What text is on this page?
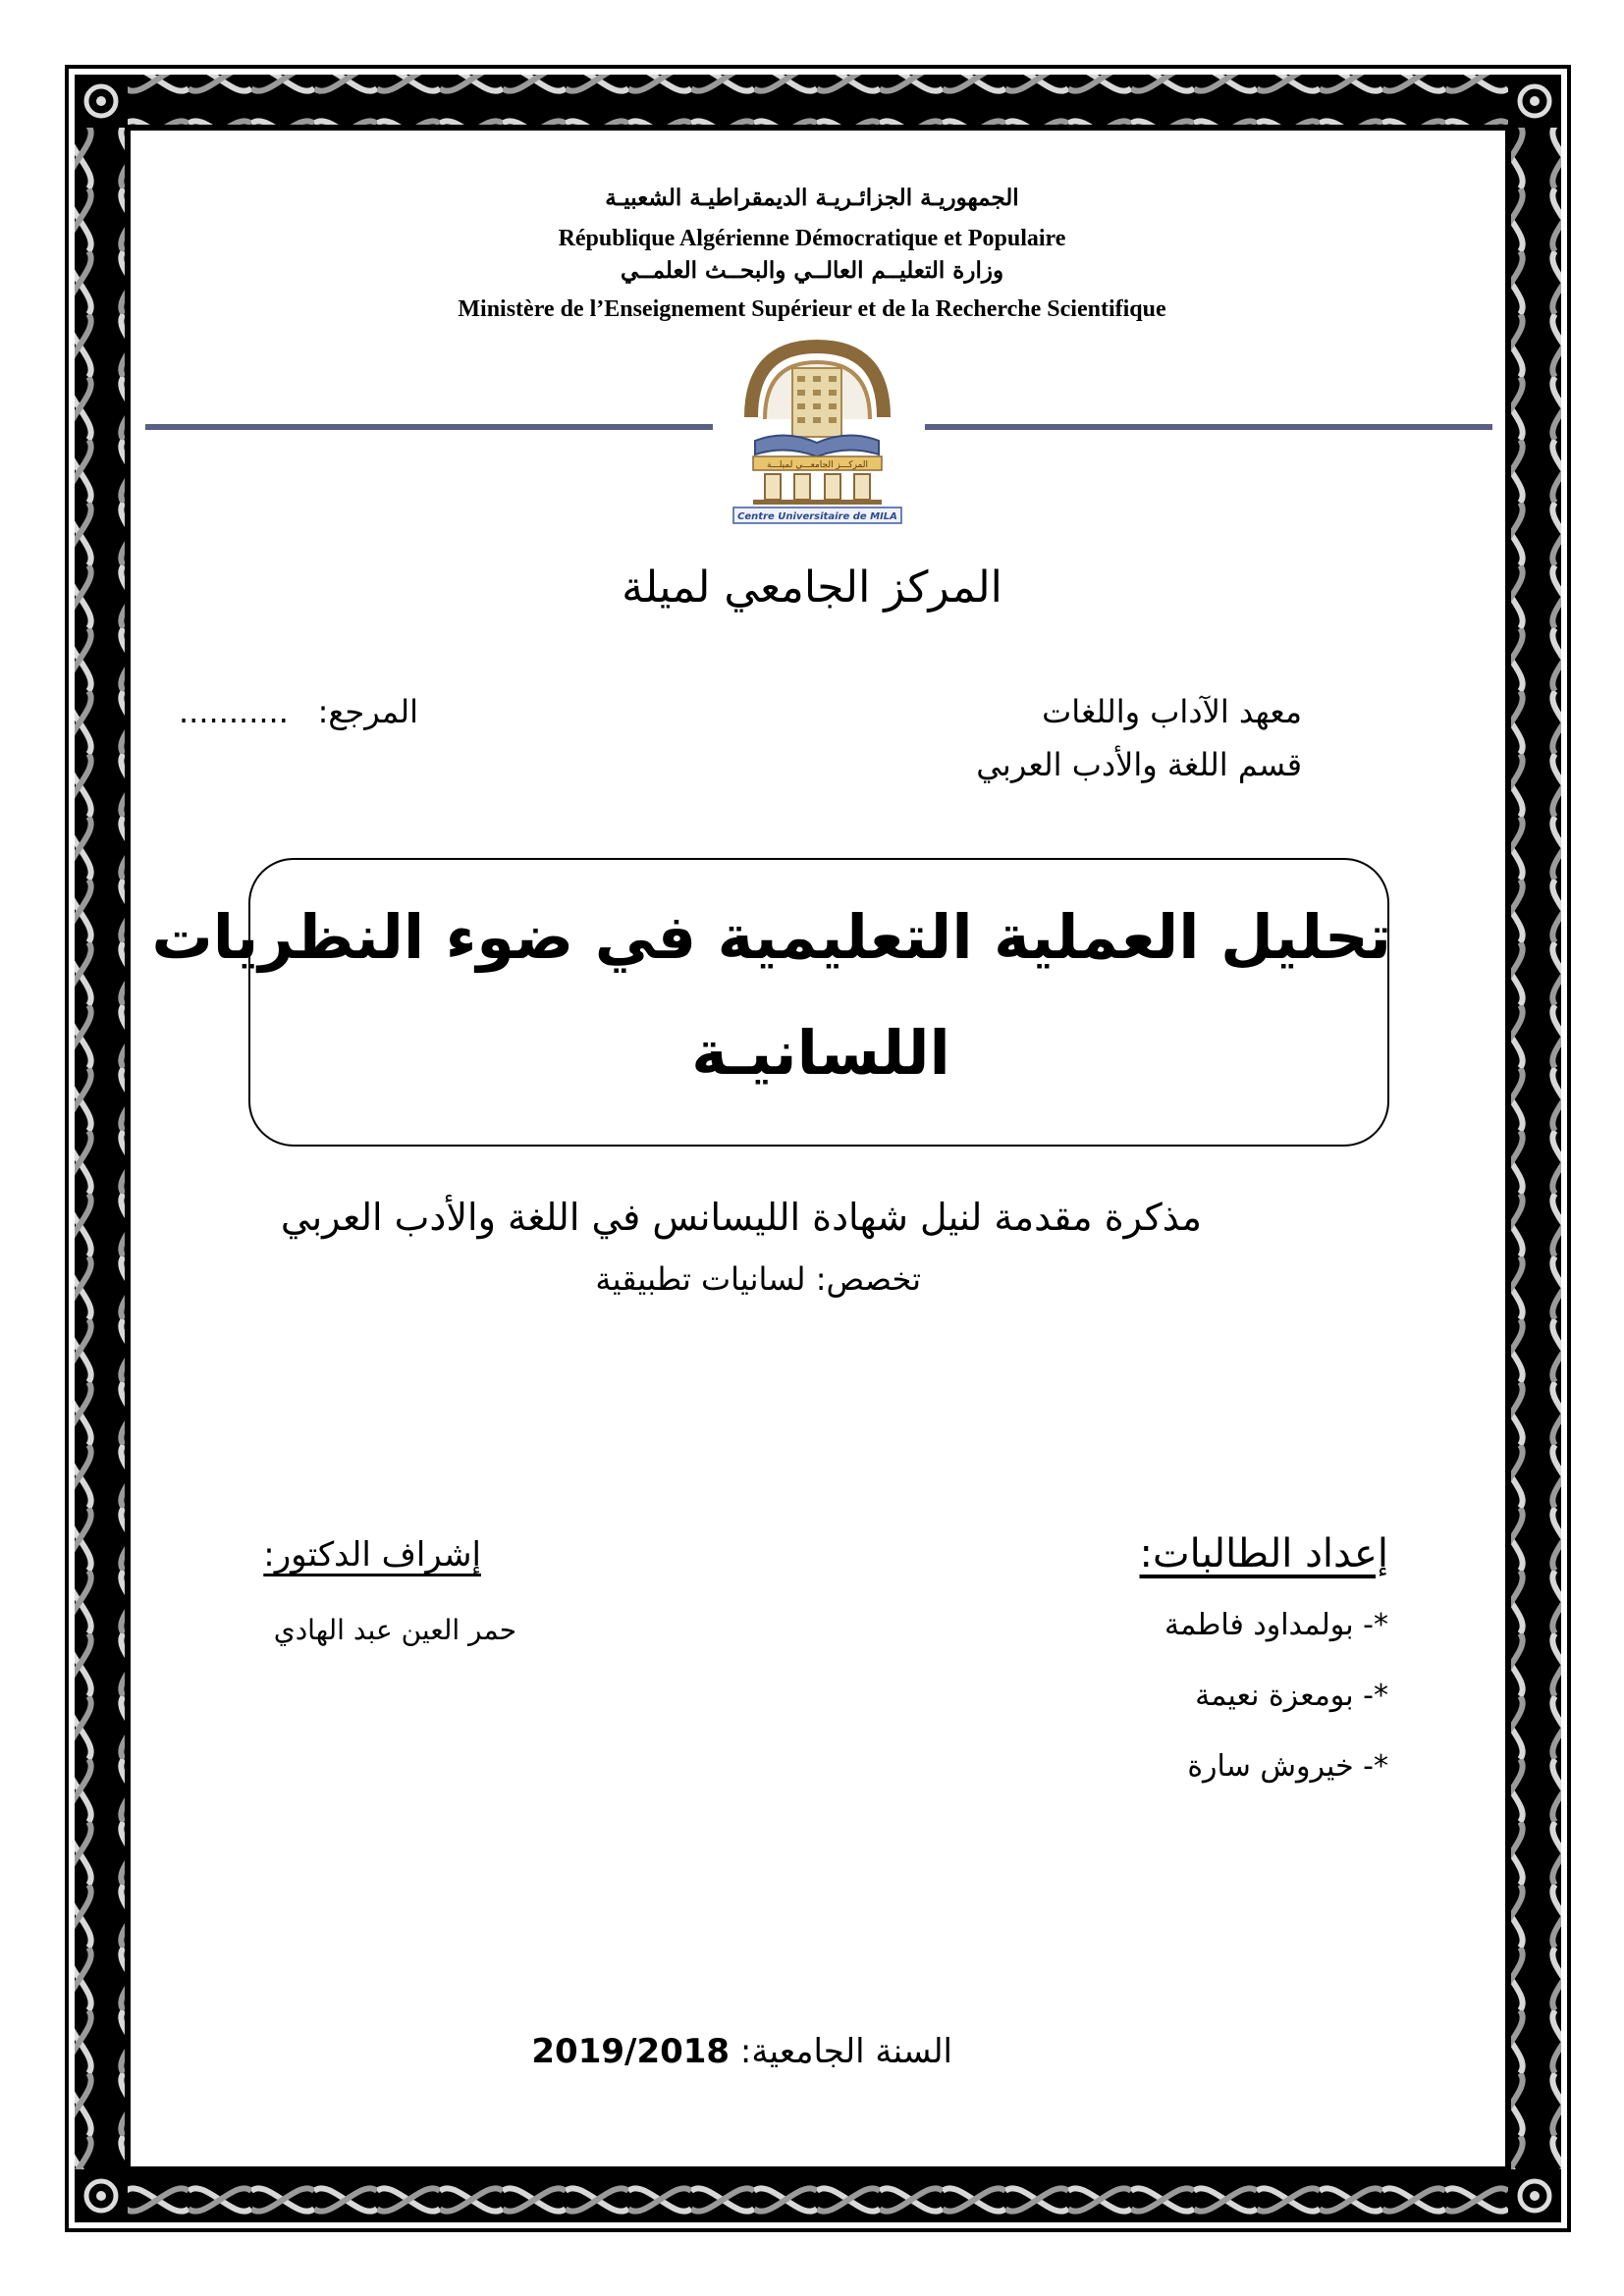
الجمهوريـة الجزائـريـة الديمقراطيـة الشعبيـة
République Algérienne Démocratique et Populaire
وزارة التعليــم العالــي والبحــث العلمــي
Ministère de l’Enseignement Supérieur et de la Recherche Scientifique
المركـــز الجامعـــي لميلـــة
Centre Universitaire de MILA
المركز الجامعي لميلة
معهد الآداب واللغات
قسم اللغة والأدب العربي
المرجع:
...........
تحليل العملية التعليمية في ضوء النظريات
اللسانيـة
مذكرة مقدمة لنيل شهادة الليسانس في اللغة والأدب العربي
تخصص: لسانيات تطبيقية
إعداد الطالبات:
*- بولمداود فاطمة
*- بومعزة نعيمة
*- خيروش سارة
إشراف الدكتور:
حمر العين عبد الهادي
السنة الجامعية: 2019/2018
